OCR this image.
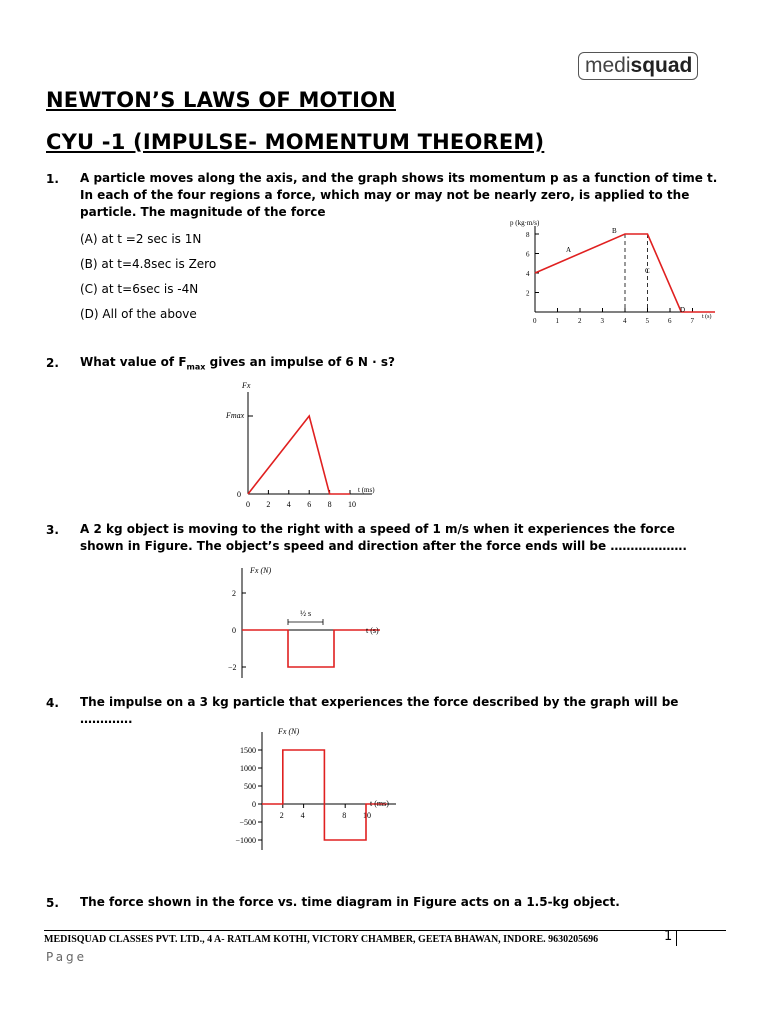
medisquad
NEWTON’S LAWS OF MOTION
CYU -1 (IMPULSE- MOMENTUM THEOREM)
1. A particle moves along the axis, and the graph shows its momentum p as a function of time t. In each of the four regions a force, which may or may not be nearly zero, is applied to the particle. The magnitude of the force
(A) at t =2 sec is 1N
(B) at t=4.8sec is Zero
(C) at t=6sec is -4N
(D) All of the above
2
4
6
8
0	1	2	3	4	5	6	7
p (kg·m/s)
t (s)
A
B
C
D
2. What value of $F_{max}$ gives an impulse of 6 N · s?
0 2 4 6 8 10
Fx
Fmax
0	t (ms)
3. A 2 kg object is moving to the right with a speed of 1 m/s when it experiences the force shown in Figure. The object’s speed and direction after the force ends will be ……………….
2
0
−2
½ s
Fx (N)
t (s)
4. The impulse on a 3 kg particle that experiences the force described by the graph will be ………….
1500
1000
500
0
−500
−1000
2 4	8 10
Fx (N)
t (ms)
5. The force shown in the force vs. time diagram in Figure acts on a 1.5-kg object.
MEDISQUAD CLASSES PVT. LTD., 4 A- RATLAM KOTHI, VICTORY CHAMBER, GEETA BHAWAN, INDORE. 9630205696	1
Page
